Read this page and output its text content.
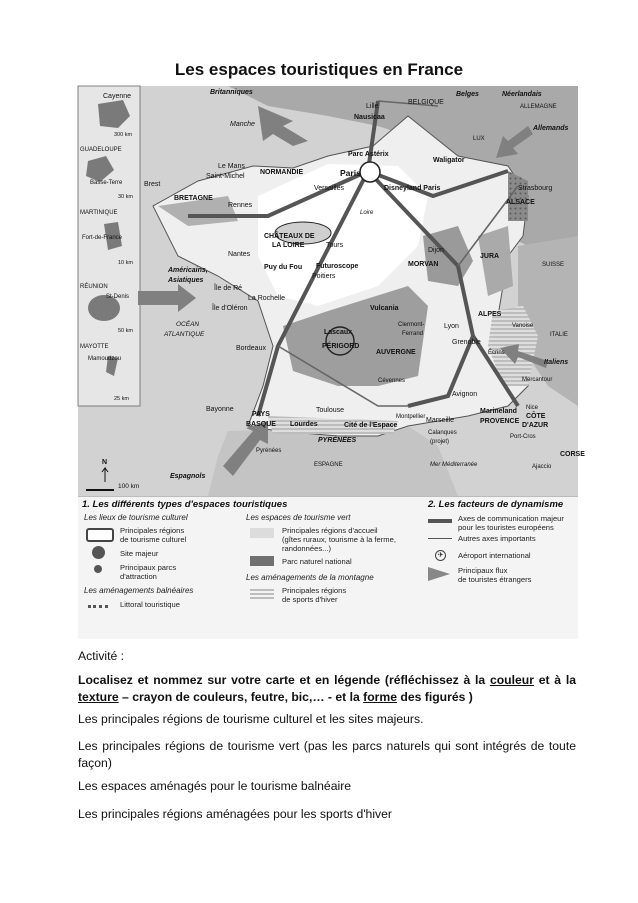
Les espaces touristiques en France
Cayenne
300 km
GUADELOUPE
Basse-Terre
30 km
MARTINIQUE
Fort-de-France
10 km
RÉUNION
St-Denis
50 km
MAYOTTE
Mamoudzou
25 km
Britanniques
Manche
Lille
Nausicaa
BELGIQUE
Belges	Néerlandais
ALLEMAGNE
Allemands
LUX
Parc Astérix
Waligator
Le Mans
Saint-Michel
NORMANDIE	Paris
Versailles	Disneyland Paris
Brest
Rennes
BRETAGNE
Strasbourg
ALSACE
Loire
CHÂTEAUX DE
LA LOIRE	Tours
Nantes
Puy du Fou
Dijon
MORVAN
JURA
SUISSE
Américains,
Asiatiques
Futuroscope
Poitiers
Île de Ré
La Rochelle
Île d'Oléron	Vulcania
Clermont-
Ferrand
Lyon
ALPES
Vanoise
OCÉAN
ATLANTIQUE	Lascaux
PÉRIGORD
AUVERGNE
Grenoble
ITALIE
Écrins
Italiens
Bordeaux
Cévennes	Mercantour
Avignon
Bayonne
PAYS
BASQUE
Toulouse
Lourdes	Cité de l'Espace
Montpellier
Marineland
PROVENCE
Nice
CÔTE
D'AZUR
Marseille
Calanques
(projet)
Port-Cros
PYRÉNÉES
Pyrénées	CORSE
Espagnols
ESPAGNE	Mer Méditerranée	Ajaccio
N
100 km
1. Les différents types d'espaces touristiques	2. Les facteurs de dynamisme
Les lieux de tourisme culturel
Principales régions
de tourisme culturel
Site majeur
Principaux parcs
d'attraction
Les aménagements balnéaires
Littoral touristique
Les espaces de tourisme vert
Principales régions d'accueil
(gîtes ruraux, tourisme à la ferme,
randonnées...)
Parc naturel national
Les aménagements de la montagne
Principales régions
de sports d'hiver
Axes de communication majeur
pour les touristes européens
Autres axes importants
✈	Aéroport international
Principaux flux
de touristes étrangers
Activité :
Localisez et nommez sur votre carte et en légende (réfléchissez à la couleur et à la texture – crayon de couleurs, feutre, bic,… - et la forme des figurés )
Les principales régions de tourisme culturel et les sites majeurs.
Les principales régions de tourisme vert (pas les parcs naturels qui sont intégrés de toute façon)
Les espaces aménagés pour le tourisme balnéaire
Les principales régions aménagées pour les sports d'hiver
